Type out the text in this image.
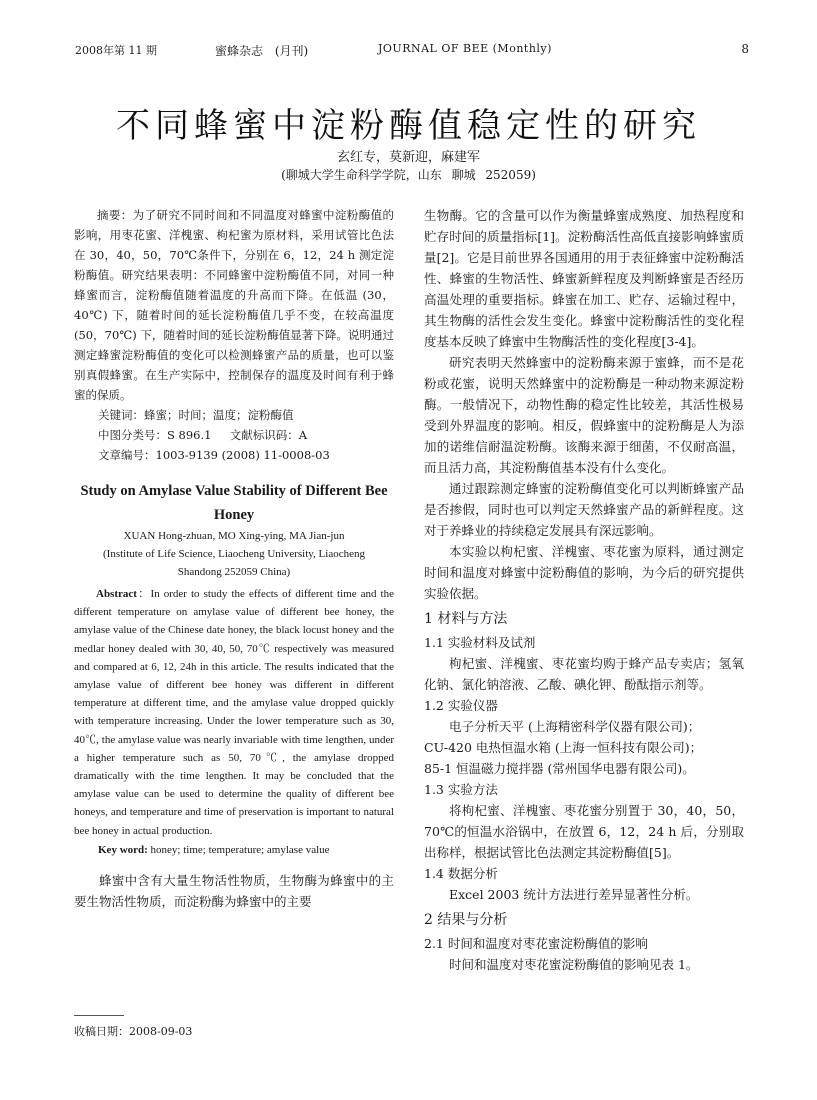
2008年第 11 期	蜜蜂杂志 (月刊)	JOURNAL OF BEE (Monthly)	8
不同蜂蜜中淀粉酶值稳定性的研究
玄红专，莫新迎，麻建军
(聊城大学生命科学学院，山东 聊城 252059)

摘要：为了研究不同时间和不同温度对蜂蜜中淀粉酶值的影响，用枣花蜜、洋槐蜜、枸杞蜜为原材料，采用试管比色法在 30，40，50，70℃条件下，分别在 6，12，24 h 测定淀粉酶值。研究结果表明：不同蜂蜜中淀粉酶值不同，对同一种蜂蜜而言，淀粉酶值随着温度的升高而下降。在低温 (30，40℃) 下，随着时间的延长淀粉酶值几乎不变，在较高温度 (50，70℃) 下，随着时间的延长淀粉酶值显著下降。说明通过测定蜂蜜淀粉酶值的变化可以检测蜂蜜产品的质量，也可以鉴别真假蜂蜜。在生产实际中，控制保存的温度及时间有利于蜂蜜的保质。

关键词：蜂蜜；时间；温度；淀粉酶值

中图分类号：S 896.1     文献标识码：A

文章编号：1003-9139 (2008) 11-0008-03

Study on Amylase Value Stability of Different Bee Honey

XUAN Hong-zhuan, MO Xing-ying, MA Jian-jun

(Institute of Life Science, Liaocheng University, Liaocheng

Shandong 252059 China)

Abstract：In order to study the effects of different time and the different temperature on amylase value of different bee honey, the amylase value of the Chinese date honey, the black locust honey and the medlar honey dealed with 30, 40, 50, 70℃ respectively was measured and compared at 6, 12, 24h in this article. The results indicated that the amylase value of different bee honey was different in different temperature at different time, and the amylase value dropped quickly with temperature increasing. Under the lower temperature such as 30, 40℃, the amylase value was nearly invariable with time lengthen, under a higher temperature such as 50, 70℃, the amylase dropped dramatically with the time lengthen. It may be concluded that the amylase value can be used to determine the quality of different bee honeys, and temperature and time of preservation is important to natural bee honey in actual production.

Key word: honey; time; temperature; amylase value

蜂蜜中含有大量生物活性物质，生物酶为蜂蜜中的主要生物活性物质，而淀粉酶为蜂蜜中的主要

收稿日期：2008-09-03

生物酶。它的含量可以作为衡量蜂蜜成熟度、加热程度和贮存时间的质量指标[1]。淀粉酶活性高低直接影响蜂蜜质量[2]。它是目前世界各国通用的用于表征蜂蜜中淀粉酶活性、蜂蜜的生物活性、蜂蜜新鲜程度及判断蜂蜜是否经历高温处理的重要指标。蜂蜜在加工、贮存、运输过程中，其生物酶的活性会发生变化。蜂蜜中淀粉酶活性的变化程度基本反映了蜂蜜中生物酶活性的变化程度[3-4]。

研究表明天然蜂蜜中的淀粉酶来源于蜜蜂，而不是花粉或花蜜，说明天然蜂蜜中的淀粉酶是一种动物来源淀粉酶。一般情况下，动物性酶的稳定性比较差，其活性极易受到外界温度的影响。相反，假蜂蜜中的淀粉酶是人为添加的诺维信耐温淀粉酶。该酶来源于细菌，不仅耐高温，而且活力高，其淀粉酶值基本没有什么变化。

通过跟踪测定蜂蜜的淀粉酶值变化可以判断蜂蜜产品是否掺假，同时也可以判定天然蜂蜜产品的新鲜程度。这对于养蜂业的持续稳定发展具有深远影响。

本实验以枸杞蜜、洋槐蜜、枣花蜜为原料，通过测定时间和温度对蜂蜜中淀粉酶值的影响，为今后的研究提供实验依据。

1 材料与方法
1.1 实验材料及试剂

枸杞蜜、洋槐蜜、枣花蜜均购于蜂产品专卖店；氢氧化钠、氯化钠溶液、乙酸、碘化钾、酚酞指示剂等。

1.2 实验仪器

电子分析天平 (上海精密科学仪器有限公司)；

CU-420 电热恒温水箱 (上海一恒科技有限公司)；

85-1 恒温磁力搅拌器 (常州国华电器有限公司)。

1.3 实验方法

将枸杞蜜、洋槐蜜、枣花蜜分别置于 30，40，50，70℃的恒温水浴锅中，在放置 6，12，24 h 后，分别取出称样，根据试管比色法测定其淀粉酶值[5]。

1.4 数据分析

Excel 2003 统计方法进行差异显著性分析。

2 结果与分析
2.1 时间和温度对枣花蜜淀粉酶值的影响

时间和温度对枣花蜜淀粉酶值的影响见表 1。
